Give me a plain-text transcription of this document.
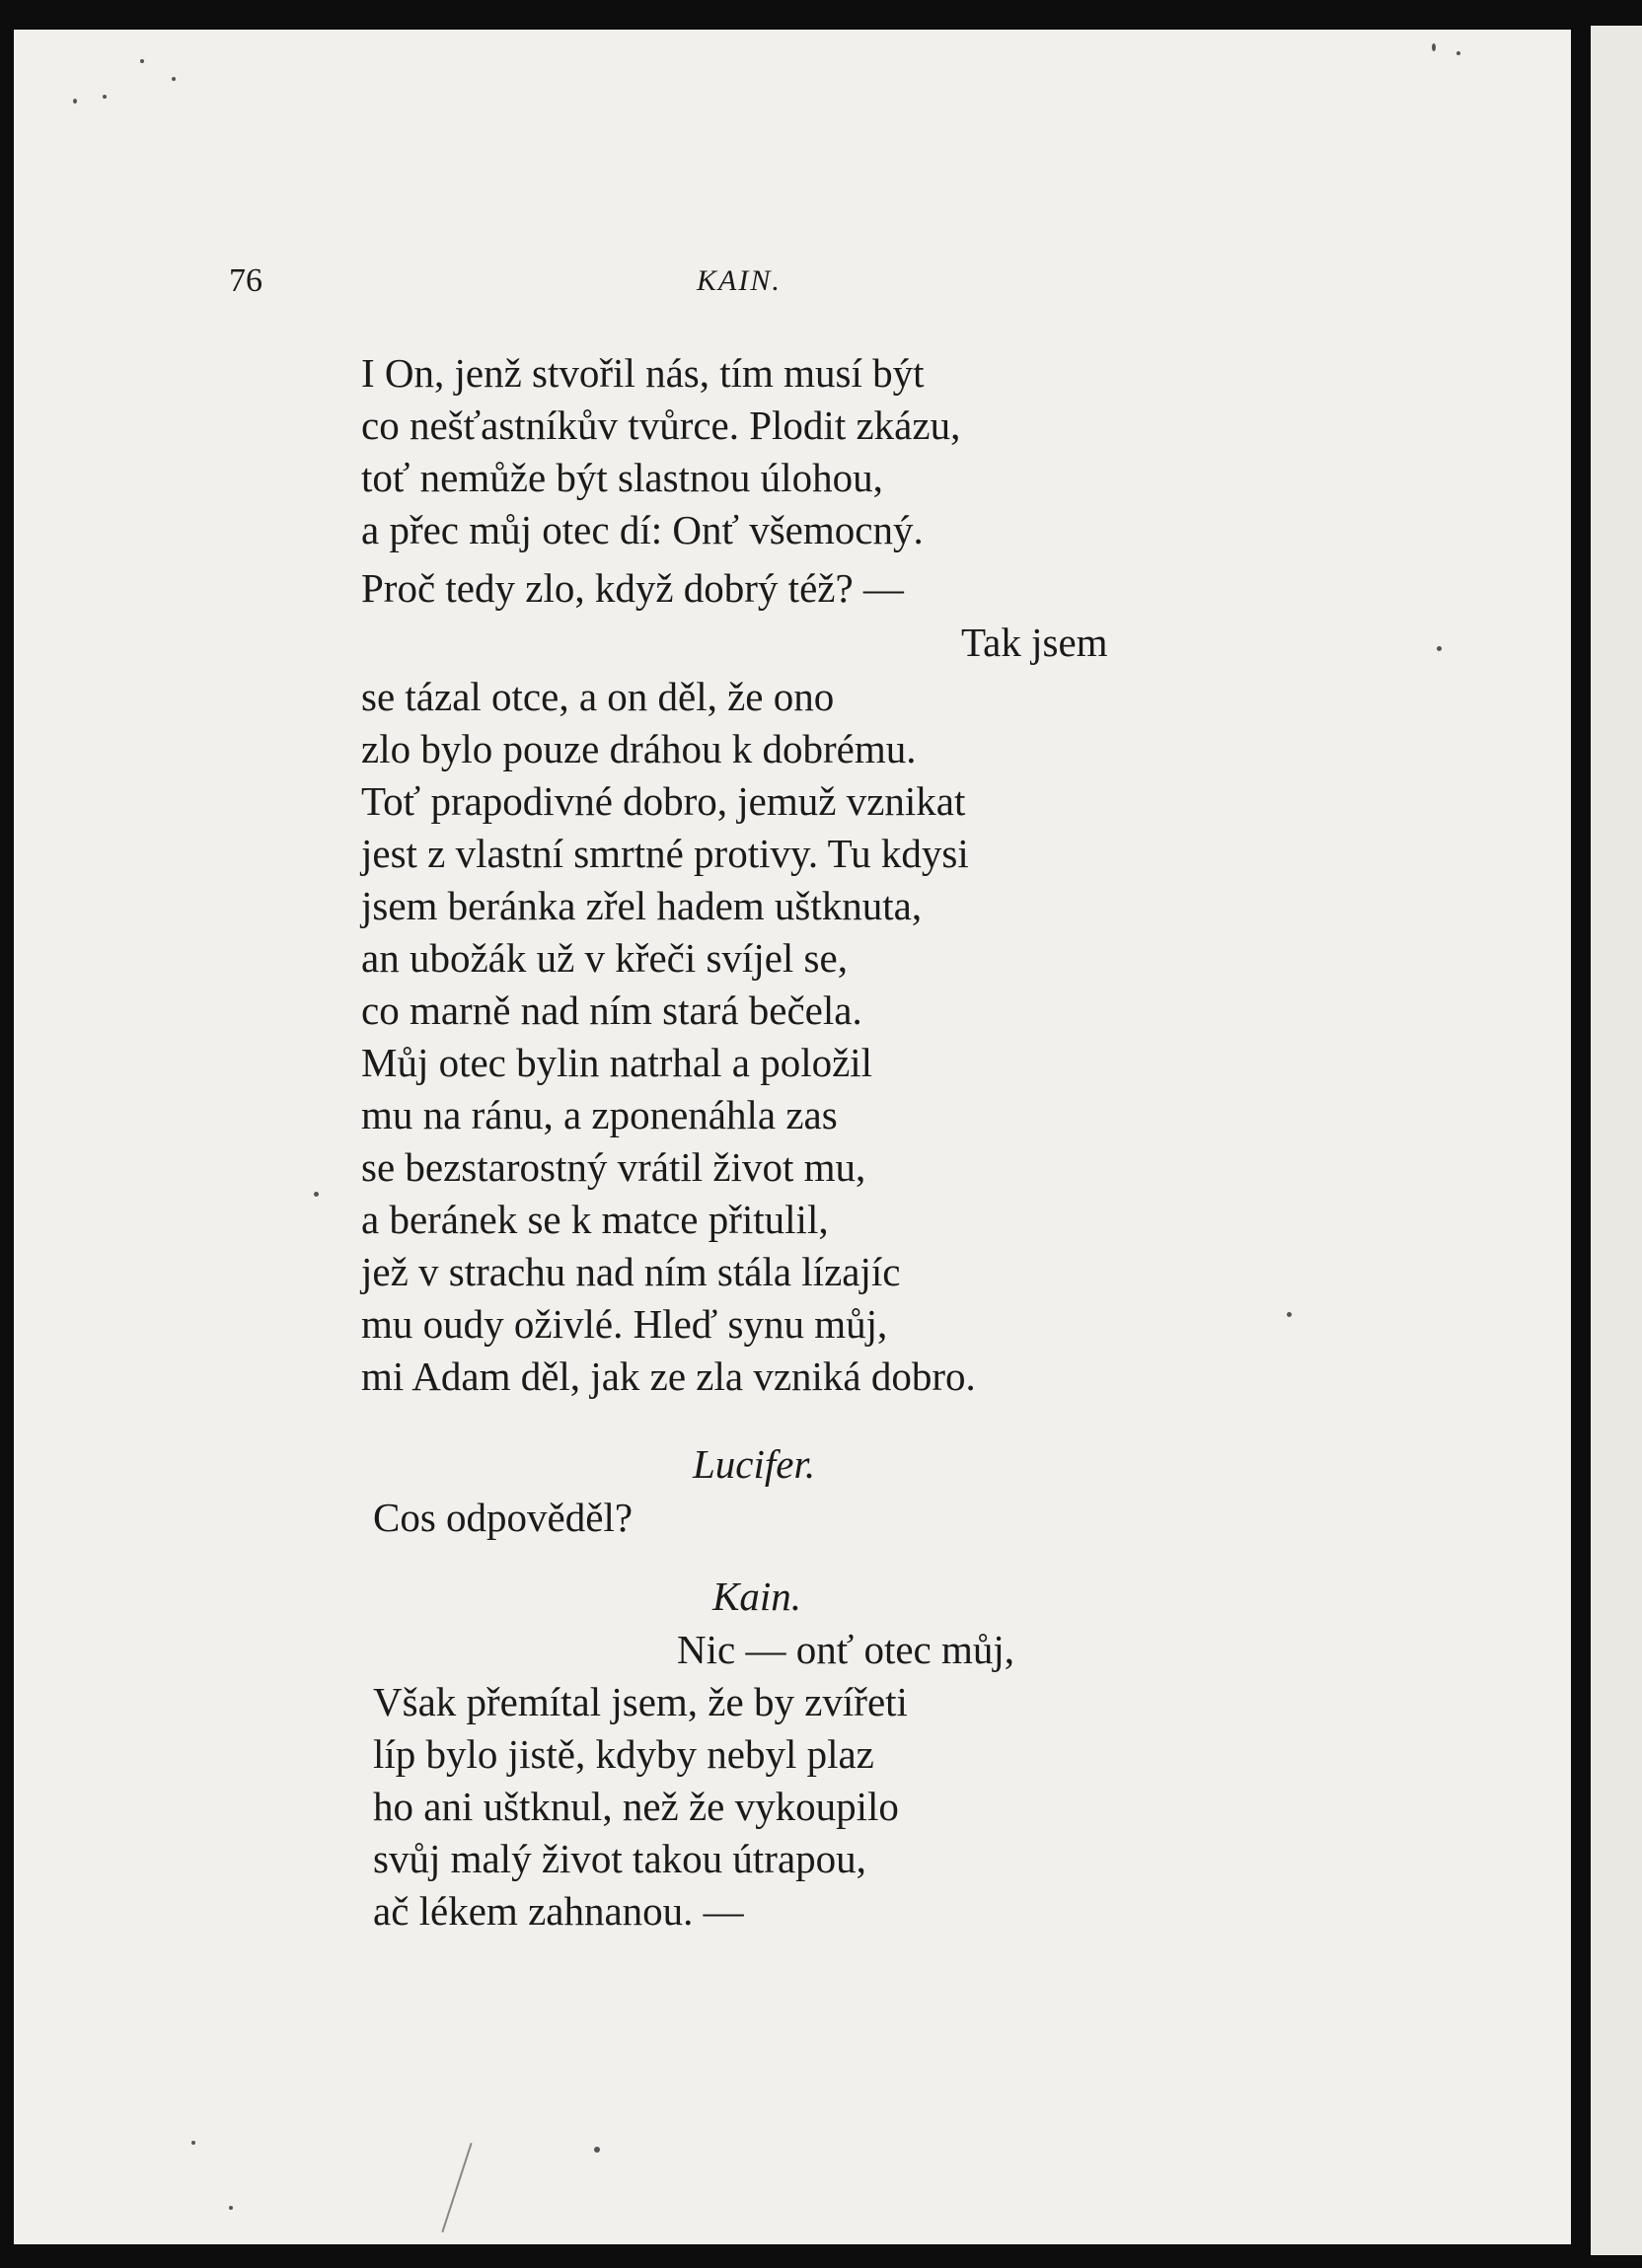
76	KAIN.
I On, jenž stvořil nás, tím musí být
co nešťastníkův tvůrce. Plodit zkázu,
toť nemůže být slastnou úlohou,
a přec můj otec dí: Onť všemocný.
Proč tedy zlo, když dobrý též? —
Tak jsem
se tázal otce, a on děl, že ono
zlo bylo pouze dráhou k dobrému.
Toť prapodivné dobro, jemuž vznikat
jest z vlastní smrtné protivy. Tu kdysi
jsem beránka zřel hadem uštknuta,
an ubožák už v křeči svíjel se,
co marně nad ním stará bečela.
Můj otec bylin natrhal a položil
mu na ránu, a zponenáhla zas
se bezstarostný vrátil život mu,
a beránek se k matce přitulil,
jež v strachu nad ním stála lízajíc
mu oudy oživlé. Hleď synu můj,
mi Adam děl, jak ze zla vzniká dobro.
Lucifer.
Cos odpověděl?
Kain.
Nic — onť otec můj,
Však přemítal jsem, že by zvířeti
líp bylo jistě, kdyby nebyl plaz
ho ani uštknul, než že vykoupilo
svůj malý život takou útrapou,
ač lékem zahnanou. —
